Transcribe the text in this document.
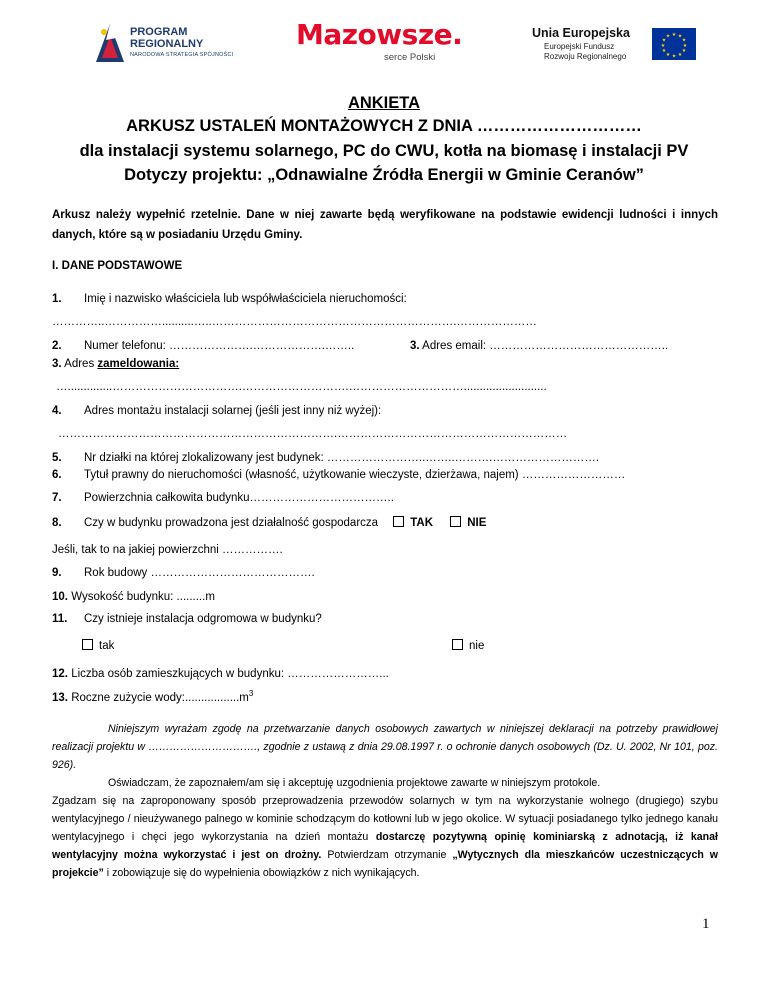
PROGRAM
REGIONALNY
NARODOWA STRATEGIA SPÓJNOŚCI
Mazowsze.
serce Polski
Unia Europejska
Europejski Fundusz
Rozwoju Regionalnego
★ ★
★
★
★
★
★
★
★
★
★
★
ANKIETA
ARKUSZ USTALEŃ MONTAŻOWYCH Z DNIA …………………………
dla instalacji systemu solarnego, PC do CWU, kotła na biomasę i instalacji PV
Dotyczy projektu: „Odnawialne Źródła Energii w Gminie Ceranów”
Arkusz należy wypełnić rzetelnie. Dane w niej zawarte będą weryfikowane na podstawie ewidencji ludności i innych danych, które są w posiadaniu Urzędu Gminy.
I. DANE PODSTAWOWE
1. Imię i nazwisko właściciela lub współwłaściciela nieruchomości:
…………..……………..........…..……………………………………………………….…………………
2. Numer telefonu: ………………….……………….……..	3. Adres email: ………………………………………..
3. Adres zameldowania:
…..............…………………………….……………………….…………………………..........................
4. Adres montażu instalacji solarnej (jeśli jest inny niż wyżej):
……………………………………………………………….……………………………………………………
5. Nr działki na której zlokalizowany jest budynek: ……………………..……..……….……………………….
6. Tytuł prawny do nieruchomości (własność, użytkowanie wieczyste, dzierżawa, najem) ………………………
7. Powierzchnia całkowita budynku………………………………..
8. Czy w budynku prowadzona jest działalność gospodarcza	TAK	NIE
Jeśli, tak to na jakiej powierzchni …………….
9. Rok budowy …………………………………….
10. Wysokość budynku: .........m
11. Czy istnieje instalacja odgromowa w budynku?
tak	nie
12. Liczba osób zamieszkujących w budynku: ……………………...
13. Roczne zużycie $wody:.................m^3$
Niniejszym wyrażam zgodę na przetwarzanie danych osobowych zawartych w niniejszej deklaracji na potrzeby prawidłowej realizacji projektu w …………………………., zgodnie z ustawą z dnia 29.08.1997 r. o ochronie danych osobowych (Dz. U. 2002, Nr 101, poz. 926).
Oświadczam, że zapoznałem/am się i akceptuję uzgodnienia projektowe zawarte w niniejszym protokole.
Zgadzam się na zaproponowany sposób przeprowadzenia przewodów solarnych w tym na wykorzystanie wolnego (drugiego) szybu wentylacyjnego / nieużywanego palnego w kominie schodzącym do kotłowni lub w jego okolice. W sytuacji posiadanego tylko jednego kanału wentylacyjnego i chęci jego wykorzystania na dzień montażu dostarczę pozytywną opinię kominiarską z adnotacją, iż kanał wentylacyjny można wykorzystać i jest on drożny. Potwierdzam otrzymanie „Wytycznych dla mieszkańców uczestniczących w projekcie” i zobowiązuje się do wypełnienia obowiązków z nich wynikających.
1
